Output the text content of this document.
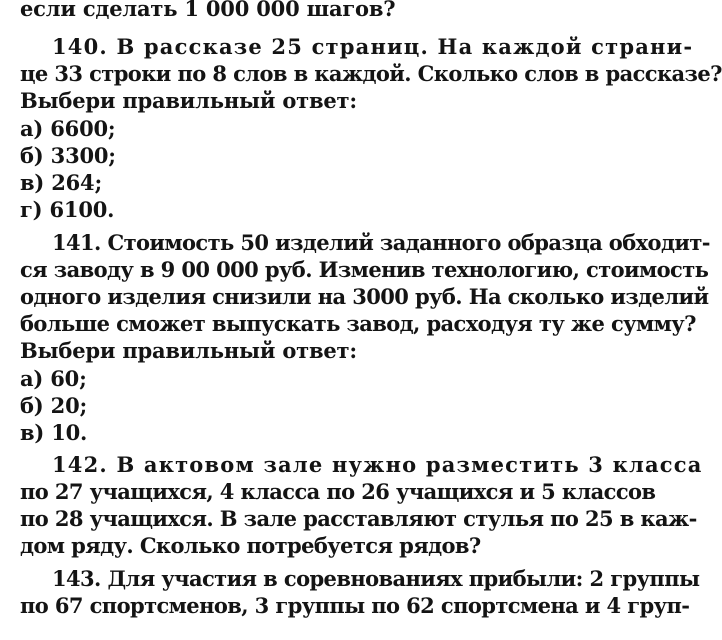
если сделать 1 000 000 шагов?
140. В рассказе 25 страниц. На каждой страни-
це 33 строки по 8 слов в каждой. Сколько слов в рассказе?
Выбери правильный ответ:
а) 6600;
б) 3300;
в) 264;
г) 6100.
141. Стоимость 50 изделий заданного образца обходит-
ся заводу в 9 00 000 руб. Изменив технологию, стоимость
одного изделия снизили на 3000 руб. На сколько изделий
больше сможет выпускать завод, расходуя ту же сумму?
Выбери правильный ответ:
а) 60;
б) 20;
в) 10.
142. В актовом зале нужно разместить 3 класса
по 27 учащихся, 4 класса по 26 учащихся и 5 классов
по 28 учащихся. В зале расставляют стулья по 25 в каж-
дом ряду. Сколько потребуется рядов?
143. Для участия в соревнованиях прибыли: 2 группы
по 67 спортсменов, 3 группы по 62 спортсмена и 4 груп-
